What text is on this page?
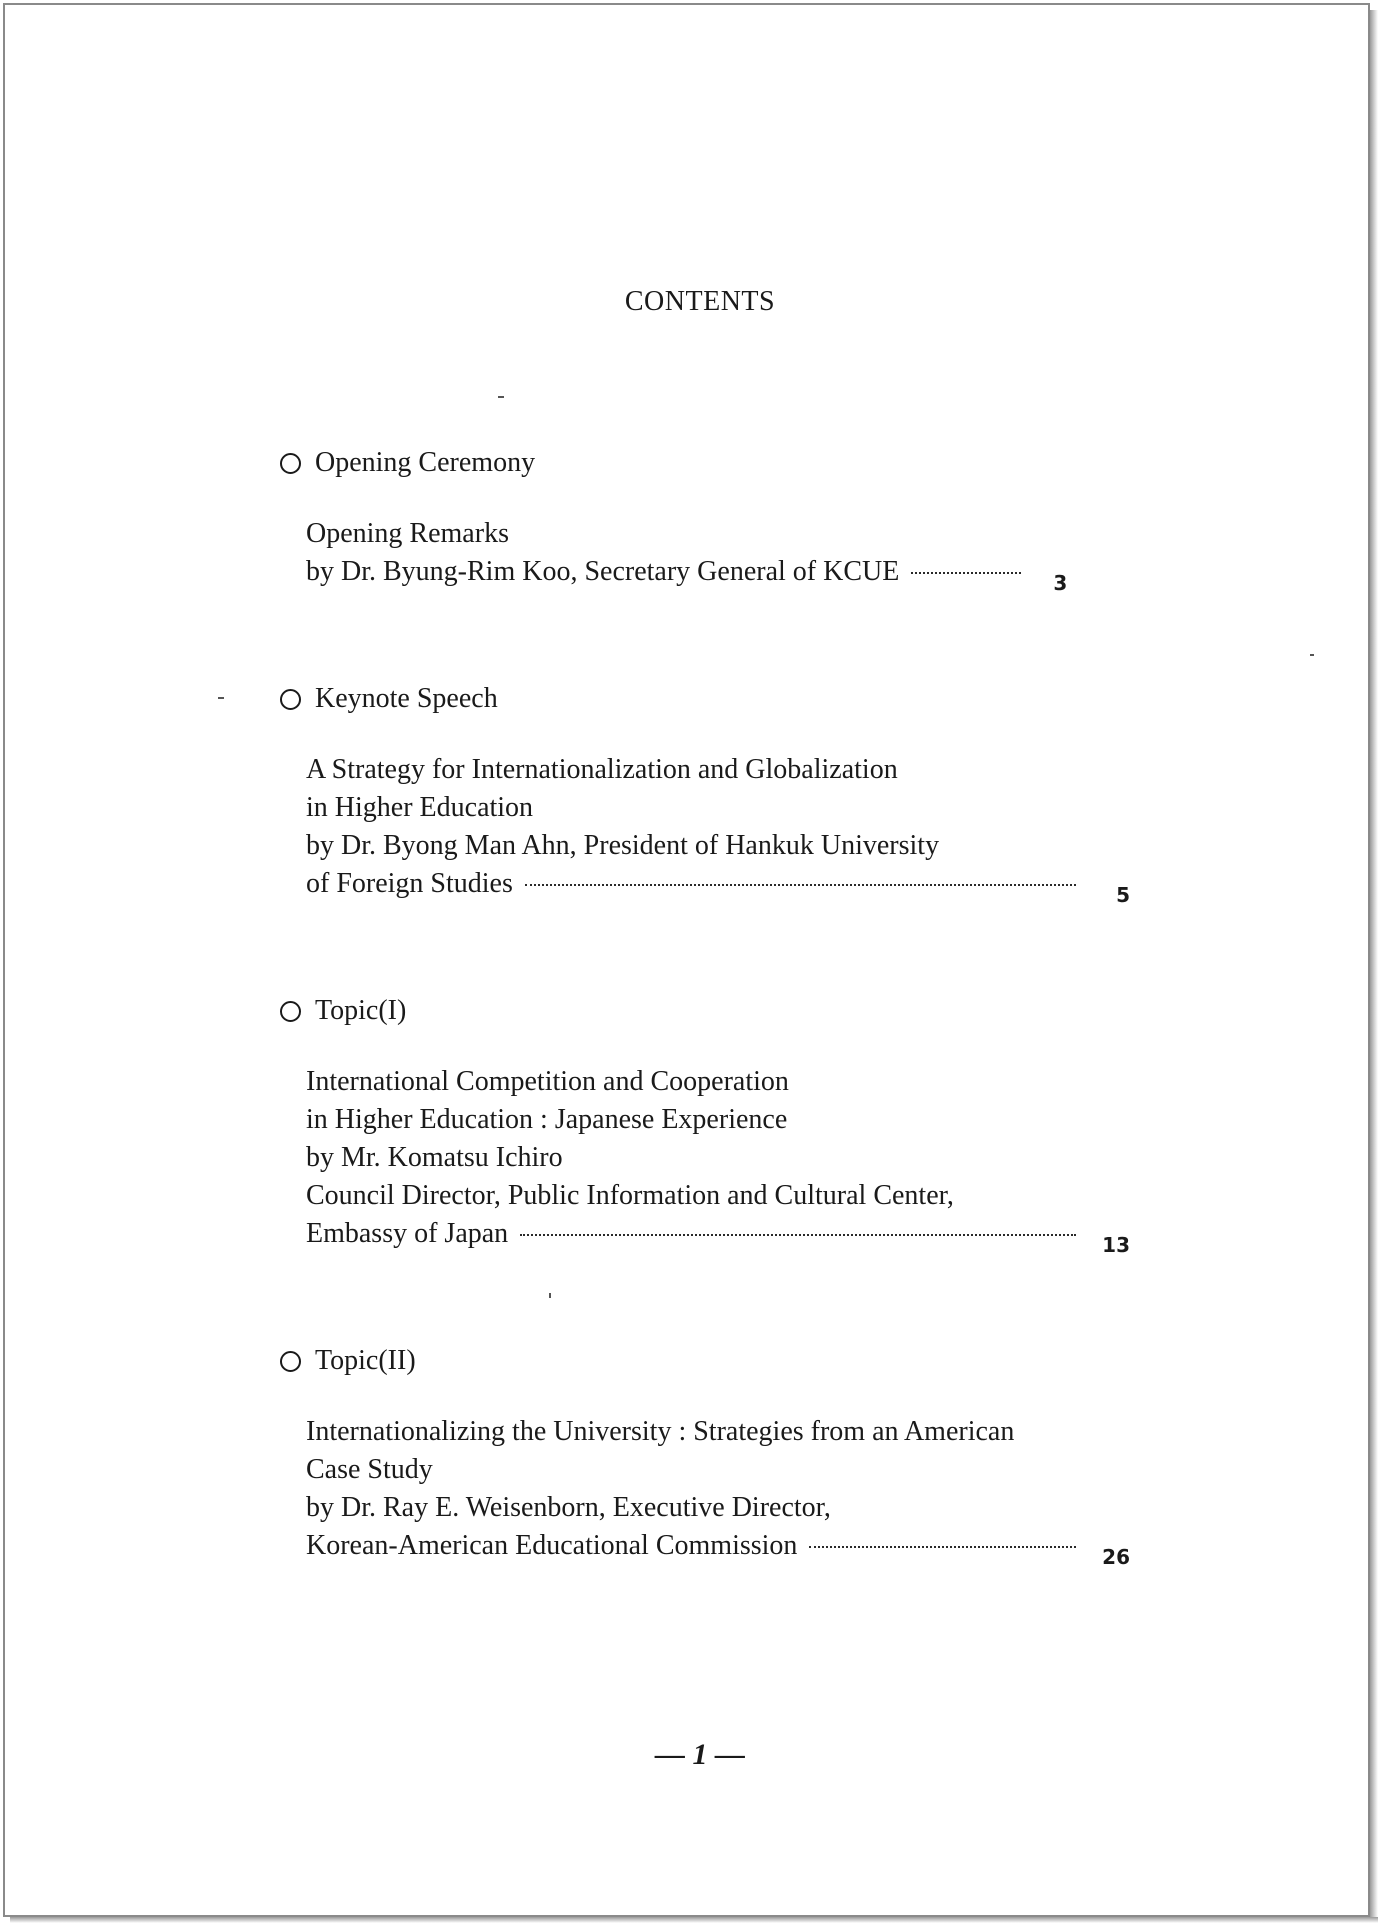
CONTENTS
Opening Ceremony
Opening Remarks
by Dr. Byung-Rim Koo, Secretary General of KCUE	3
Keynote Speech
A Strategy for Internationalization and Globalization
in Higher Education
by Dr. Byong Man Ahn, President of Hankuk University
of Foreign Studies	5
Topic(I)
International Competition and Cooperation
in Higher Education : Japanese Experience
by Mr. Komatsu Ichiro
Council Director, Public Information and Cultural Center,
Embassy of Japan	13
Topic(II)
Internationalizing the University : Strategies from an American
Case Study
by Dr. Ray E. Weisenborn, Executive Director,
Korean-American Educational Commission	26
— 1 —
